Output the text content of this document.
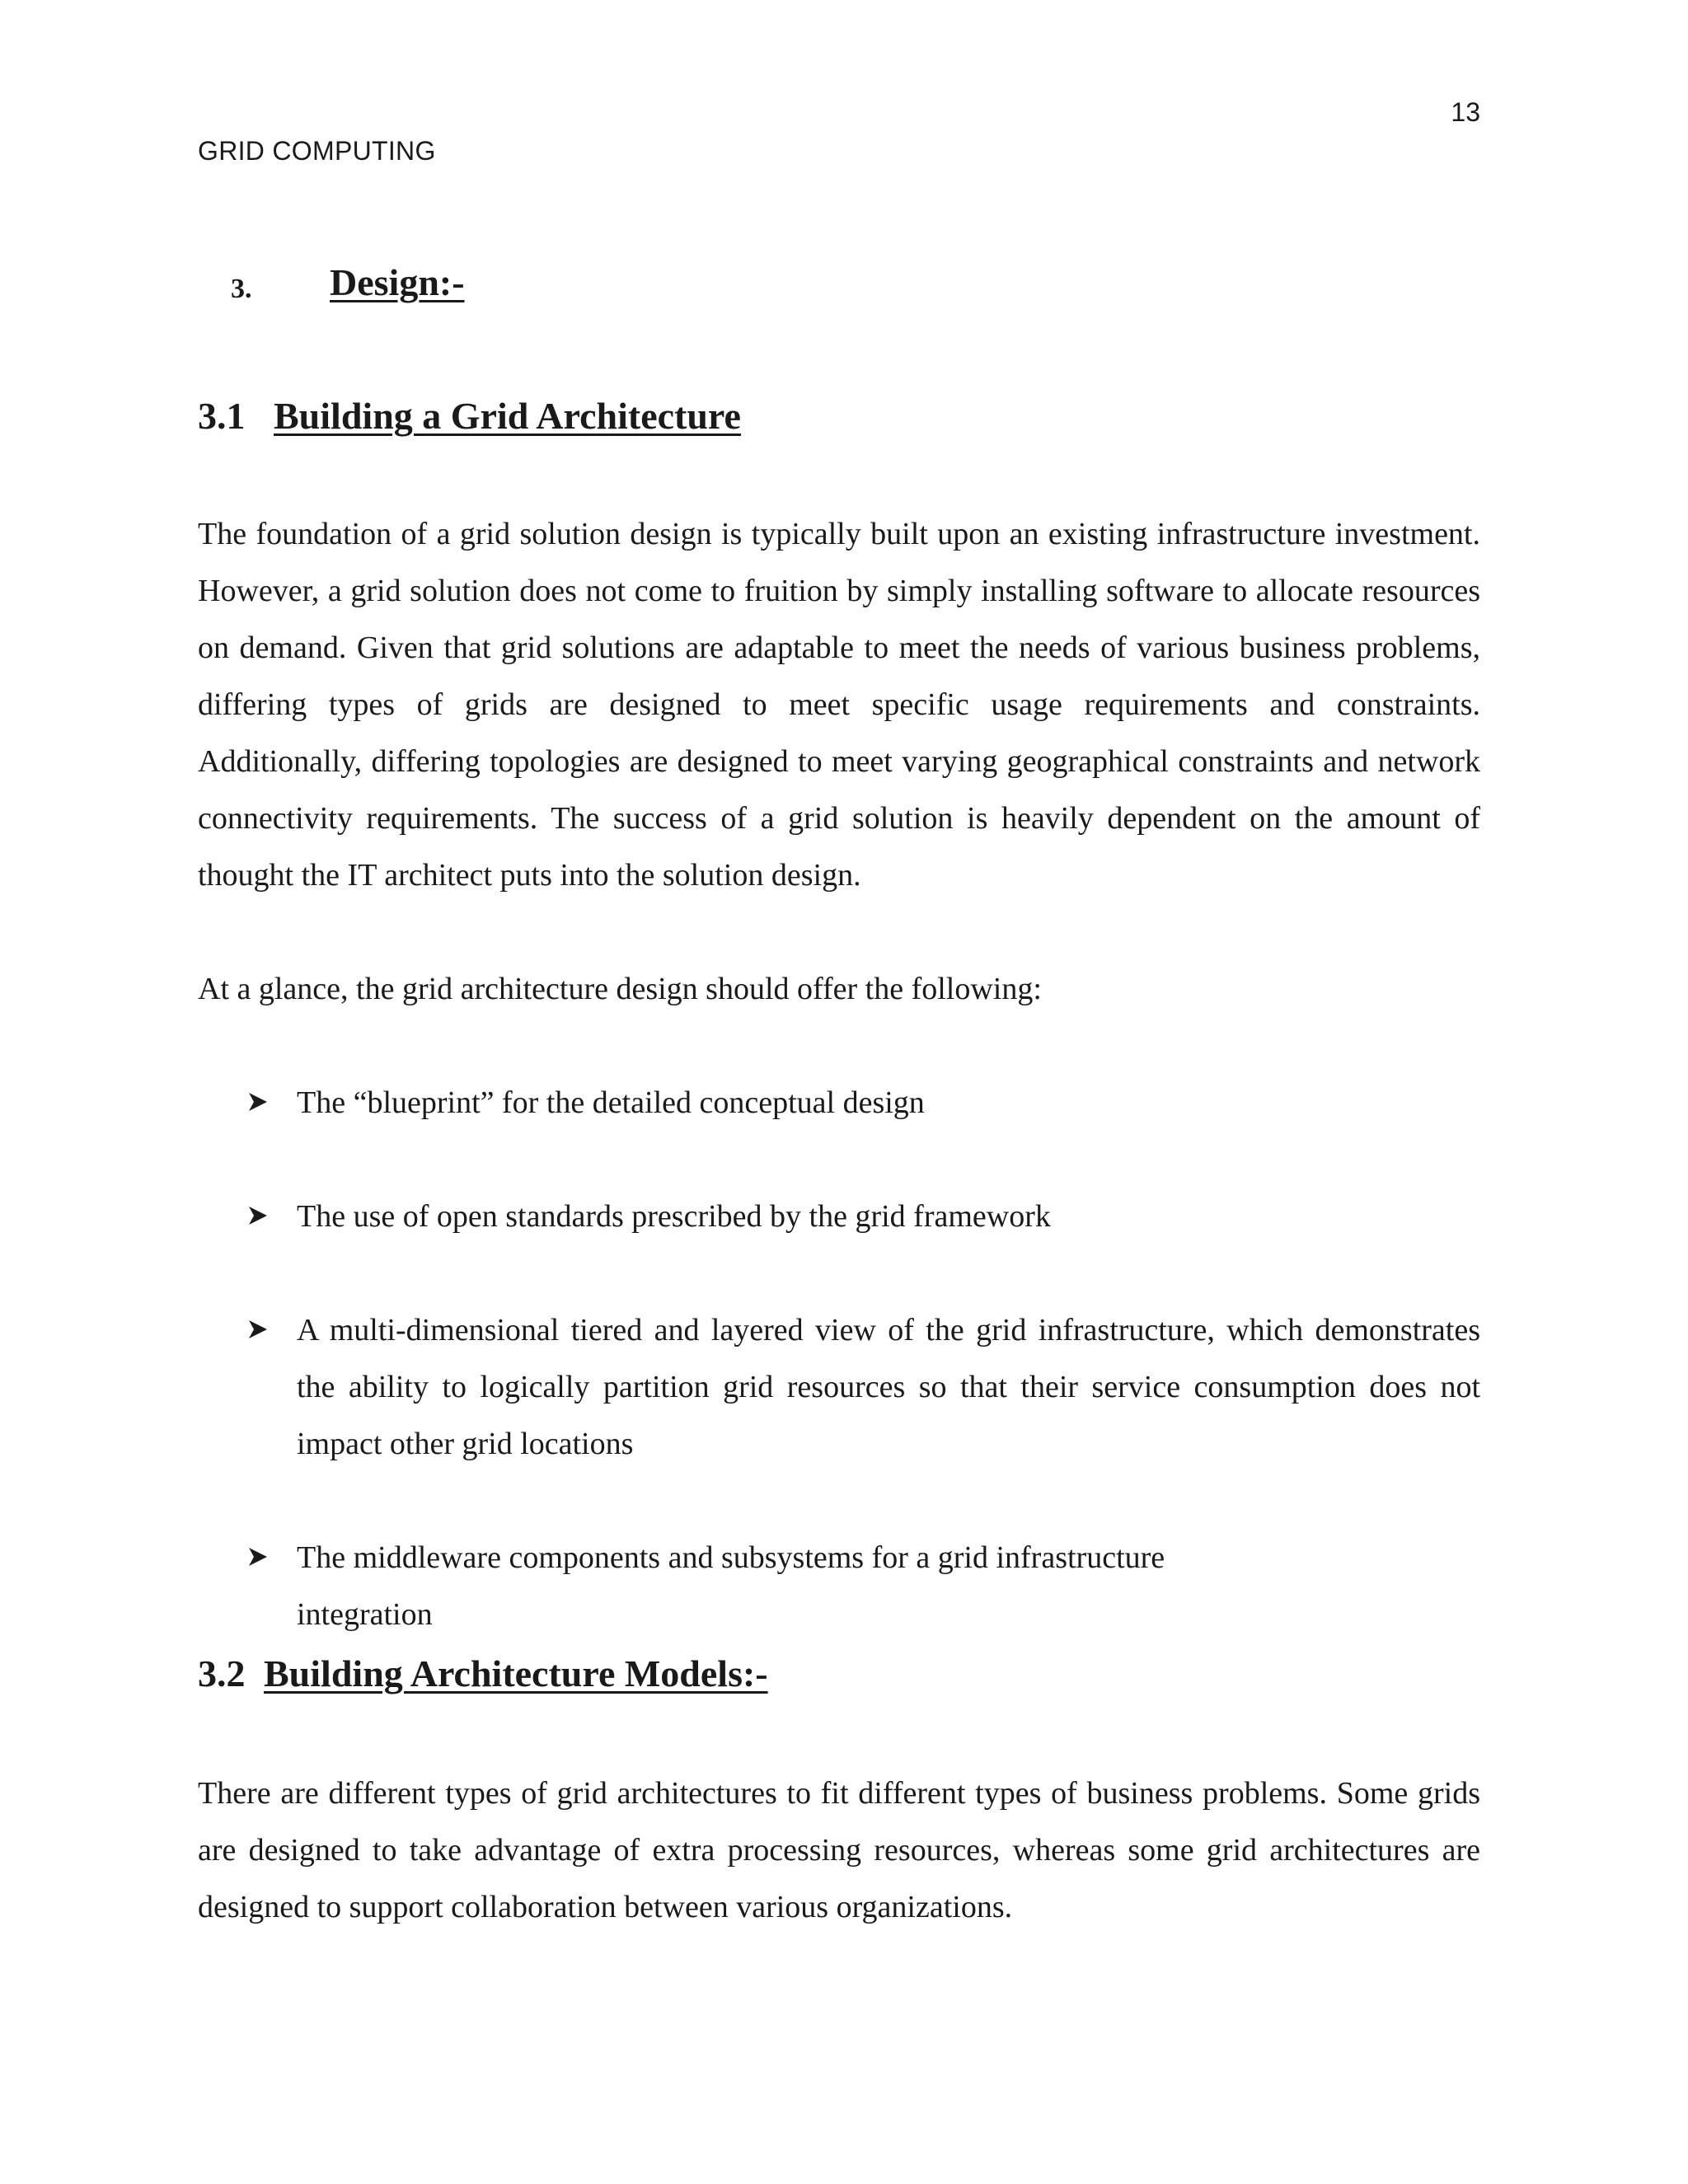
13
GRID COMPUTING
3. Design:-
3.1 Building a Grid Architecture

The foundation of a grid solution design is typically built upon an existing infrastructure investment. However, a grid solution does not come to fruition by simply installing software to allocate resources on demand. Given that grid solutions are adaptable to meet the needs of various business problems, differing types of grids are designed to meet specific usage requirements and constraints. Additionally, differing topologies are designed to meet varying geographical constraints and network connectivity requirements. The success of a grid solution is heavily dependent on the amount of thought the IT architect puts into the solution design.

At a glance, the grid architecture design should offer the following:

The “blueprint” for the detailed conceptual design
The use of open standards prescribed by the grid framework
A multi-dimensional tiered and layered view of the grid infrastructure, which demonstrates the ability to logically partition grid resources so that their service consumption does not impact other grid locations
The middleware components and subsystems for a grid infrastructure integration
3.2 Building Architecture Models:-

There are different types of grid architectures to fit different types of business problems. Some grids are designed to take advantage of extra processing resources, whereas some grid architectures are designed to support collaboration between various organizations.
